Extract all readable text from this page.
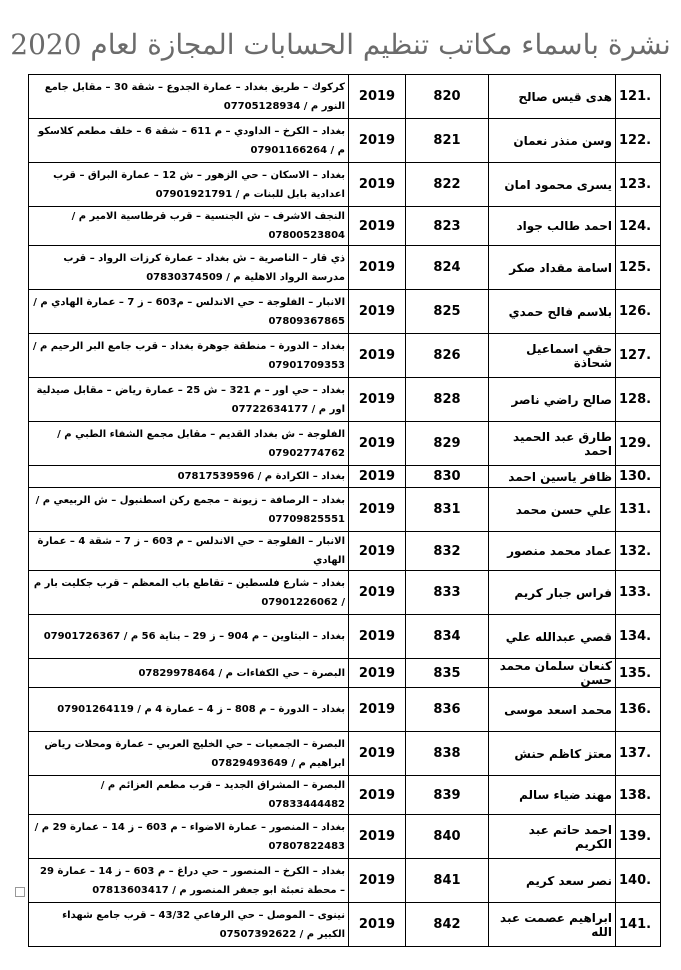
نشرة باسماء مكاتب تنظيم الحسابات المجازة لعام 2020
121.	هدى قيس صالح	820	2019	كركوك – طريق بغداد – عمارة الجدوع – شقة 30 – مقابل جامع النور م / 07705128934
122.	وسن منذر نعمان	821	2019	بغداد – الكرخ – الداودي – م 611 – شقة 6 – خلف مطعم كلاسكو م / 07901166264
123.	يسرى محمود امان	822	2019	بغداد – الاسكان – حي الزهور – ش 12 – عمارة البراق – قرب اعدادية بابل للبنات م / 07901921791
124.	احمد طالب جواد	823	2019	النجف الاشرف – ش الجنسية – قرب قرطاسية الامير م / 07800523804
125.	اسامة مقداد صكر	824	2019	ذي قار – الناصرية – ش بغداد – عمارة كرزات الرواد – قرب مدرسة الرواد الاهلية م / 07830374509
126.	بلاسم فالح حمدي	825	2019	الانبار – الفلوجة – حي الاندلس – م603 – ز 7 – عمارة الهادي م / 07809367865
127.	حقي اسماعيل شحاذة	826	2019	بغداد – الدورة – منطقة جوهرة بغداد – قرب جامع البر الرحيم م / 07901709353
128.	صالح راضي ناصر	828	2019	بغداد – حي اور – م 321 – ش 25 – عمارة رياض – مقابل صيدلية اور م / 07722634177
129.	طارق عبد الحميد احمد	829	2019	الفلوجة – ش بغداد القديم – مقابل مجمع الشفاء الطبي م / 07902774762
130.	ظافر ياسين احمد	830	2019	بغداد – الكرادة م / 07817539596
131.	علي حسن محمد	831	2019	بغداد – الرصافة – زيونة – مجمع ركن اسطنبول – ش الربيعي م / 07709825551
132.	عماد محمد منصور	832	2019	الانبار – الفلوجة – حي الاندلس – م 603 – ز 7 – شقة 4 – عمارة الهادي
133.	فراس جبار كريم	833	2019	بغداد – شارع فلسطين – تقاطع باب المعظم – قرب جكليت بار م / 07901226062
134.	قصي عبدالله علي	834	2019	بغداد – البتاوين – م 904 – ز 29 – بناية 56 م / 07901726367
135.	كنعان سلمان محمد حسن	835	2019	البصرة – حي الكفاءات م / 07829978464
136.	محمد اسعد موسى	836	2019	بغداد – الدورة – م 808 – ز 4 – عمارة 4 م / 07901264119
137.	معتز كاظم حنش	838	2019	البصرة – الجمعيات – حي الخليج العربي – عمارة ومحلات رياض ابراهيم م / 07829493649
138.	مهند ضياء سالم	839	2019	البصرة – المشراق الجديد – قرب مطعم العزائم م / 07833444482
139.	احمد حاتم عبد الكريم	840	2019	بغداد – المنصور – عمارة الاضواء – م 603 – ز 14 – عمارة 29 م / 07807822483
140.	نصر سعد كريم	841	2019	بغداد – الكرخ – المنصور – حي دراغ – م 603 – ز 14 – عمارة 29 – محطة تعبئة ابو جعفر المنصور م / 07813603417
141.	ابراهيم عصمت عبد الله	842	2019	نينوى – الموصل – حي الرفاعي 43/32 – قرب جامع شهداء الكبير م / 07507392622
